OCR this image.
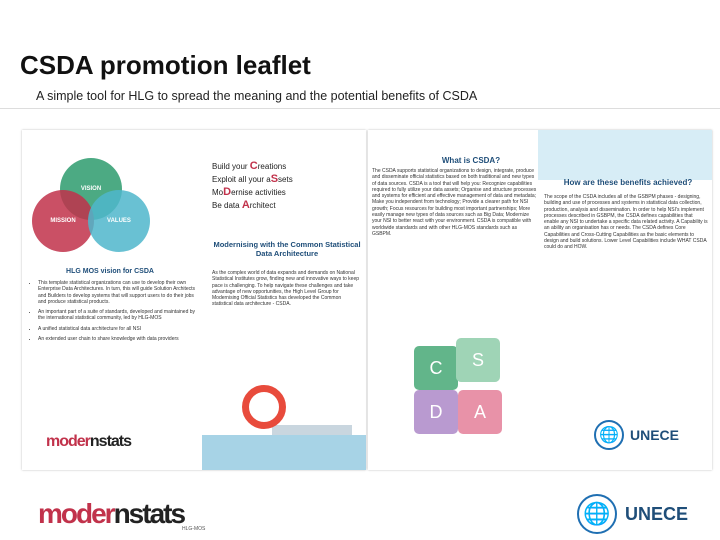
CSDA promotion leaflet
A simple tool for HLG to spread the meaning and the potential benefits of CSDA
VISION
MISSION	VALUES
Build your Creations
Exploit all your aSsets
MoDernise activities
Be data Architect
Modernising with the Common Statistical Data Architecture
HLG MOS vision for CSDA
• This template statistical organizations can use to develop their own Enterprise Data Architectures. In turn, this will guide Solution Architects and Builders to develop systems that will support users to do their jobs and produce statistical products.
• An important part of a suite of standards, developed and maintained by the international statistical community, led by HLG-MOS
• A unified statistical data architecture for all NSI
• An extended user chain to share knowledge with data providers
As the complex world of data expands and demands on National Statistical Institutes grow, finding new and innovative ways to keep pace is challenging. To help navigate these challenges and take advantage of new opportunities, the High Level Group for Modernising Official Statistics has developed the Common statistical data architecture - CSDA.
modernstats
What is CSDA?
The CSDA supports statistical organizations to design, integrate, produce and disseminate official statistics based on both traditional and new types of data sources. CSDA is a tool that will help you: Recognize capabilities required to fully utilize your data assets; Organise and structure processes and systems for efficient and effective management of data and metadata; Make you independent from technology; Provide a clearer path for NSI growth; Focus resources for building most important partnerships; More easily manage new types of data sources such as Big Data; Modernize your NSI to better react with your environment. CSDA is compatible with worldwide standards and with other HLG-MOS standards such as GSBPM.
How are these benefits achieved?
The scope of the CSDA includes all of the GSBPM phases - designing, building and use of processes and systems in statistical data collection, production, analysis and dissemination. In order to help NSI's implement processes described in GSBPM, the CSDA defines capabilities that enable any NSI to undertake a specific data related activity. A Capability is an ability an organisation has or needs. The CSDA defines Core Capabilities and Cross-Cutting Capabilities as the basic elements to design and build solutions. Lower Level Capabilities include WHAT CSDA could do and HOW.
C	S
D	A
🌐 UNECE
modernstats
HLG-MOS
🌐 UNECE
